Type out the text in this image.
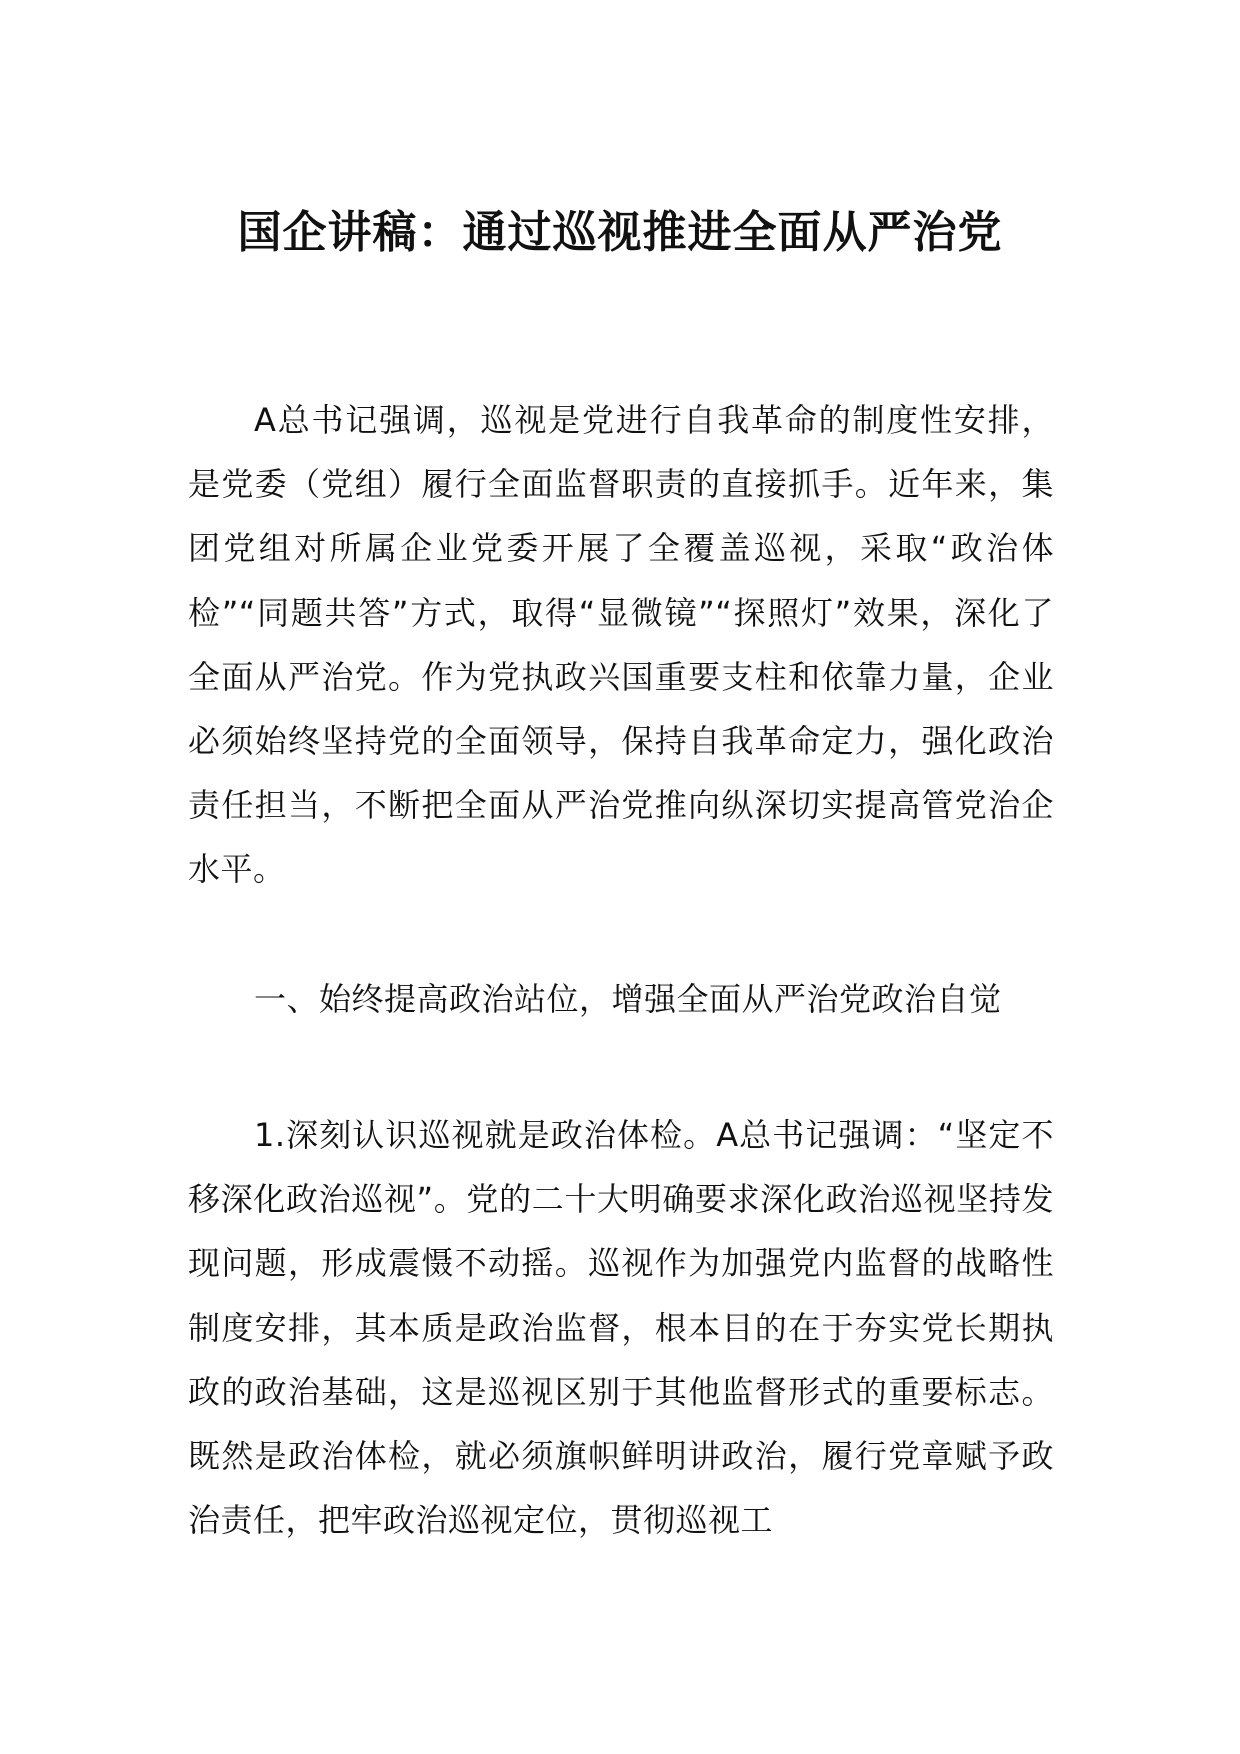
国企讲稿：通过巡视推进全面从严治党

A总书记强调，巡视是党进行自我革命的制度性安排，是党委（党组）履行全面监督职责的直接抓手。近年来，集团党组对所属企业党委开展了全覆盖巡视，采取“政治体检”“同题共答”方式，取得“显微镜”“探照灯”效果，深化了全面从严治党。作为党执政兴国重要支柱和依靠力量，企业必须始终坚持党的全面领导，保持自我革命定力，强化政治责任担当，不断把全面从严治党推向纵深切实提高管党治企水平。

一、始终提高政治站位，增强全面从严治党政治自觉

1.深刻认识巡视就是政治体检。A总书记强调：“坚定不移深化政治巡视”。党的二十大明确要求深化政治巡视坚持发现问题，形成震慑不动摇。巡视作为加强党内监督的战略性制度安排，其本质是政治监督，根本目的在于夯实党长期执政的政治基础，这是巡视区别于其他监督形式的重要标志。既然是政治体检，就必须旗帜鲜明讲政治，履行党章赋予政治责任，把牢政治巡视定位，贯彻巡视工
